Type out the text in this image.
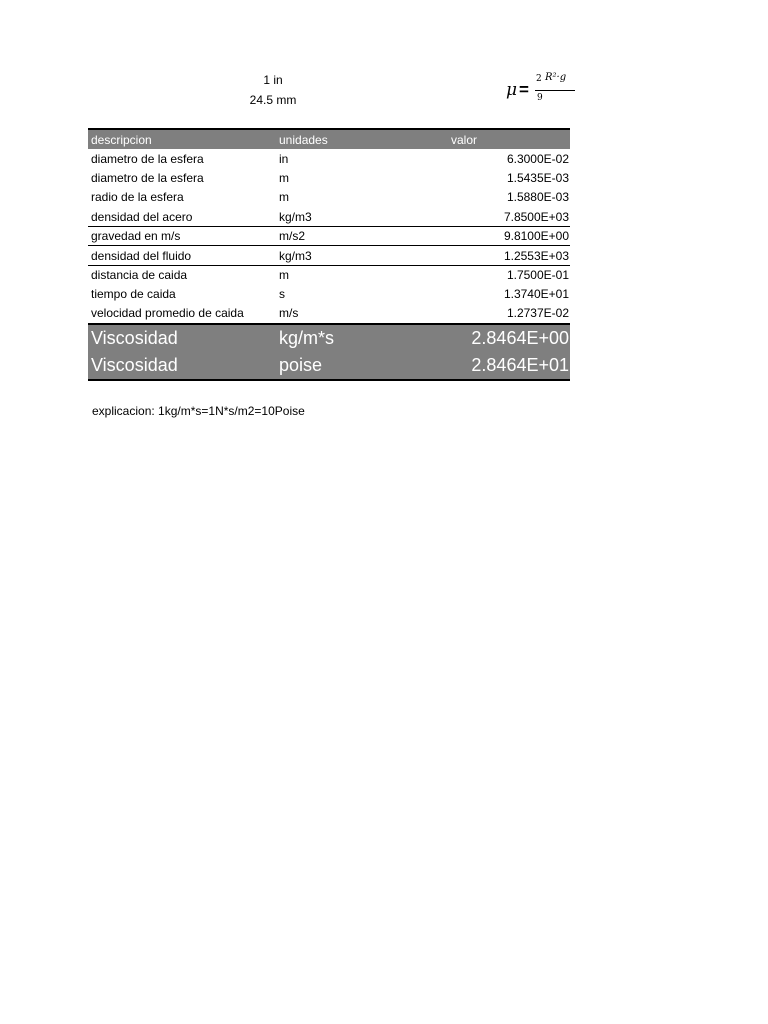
1 in
24.5 mm	μ =
2 R²·g
9
descripcion	unidades	valor
diametro de la esfera	in	6.3000E-02
diametro de la esfera	m	1.5435E-03
radio de la esfera	m	1.5880E-03
densidad del acero	kg/m3	7.8500E+03
gravedad en m/s	m/s2	9.8100E+00
densidad del fluido	kg/m3	1.2553E+03
distancia de caida	m	1.7500E-01
tiempo de caida	s	1.3740E+01
velocidad promedio de caida	m/s	1.2737E-02
Viscosidad	kg/m*s	2.8464E+00
Viscosidad	poise	2.8464E+01
explicacion: 1kg/m*s=1N*s/m2=10Poise
